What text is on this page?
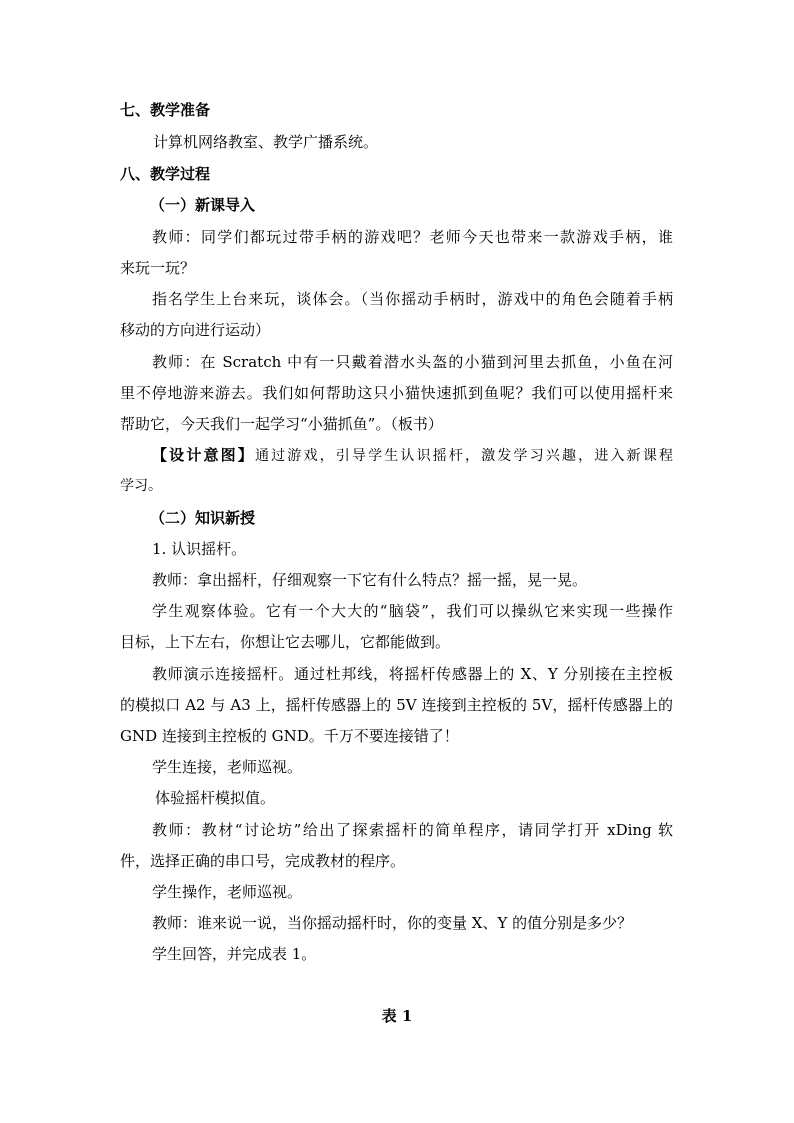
七、教学准备
计算机网络教室、教学广播系统。
八、教学过程
（一）新课导入
教师：同学们都玩过带手柄的游戏吧？老师今天也带来一款游戏手柄，谁
来玩一玩？
指名学生上台来玩，谈体会。（当你摇动手柄时，游戏中的角色会随着手柄
移动的方向进行运动）
教师：在 Scratch 中有一只戴着潜水头盔的小猫到河里去抓鱼，小鱼在河
里不停地游来游去。我们如何帮助这只小猫快速抓到鱼呢？我们可以使用摇杆来
帮助它，今天我们一起学习“小猫抓鱼”。（板书）
【设计意图】通过游戏，引导学生认识摇杆，激发学习兴趣，进入新课程
学习。
（二）知识新授
1. 认识摇杆。
教师：拿出摇杆，仔细观察一下它有什么特点？摇一摇，晃一晃。
学生观察体验。它有一个大大的“脑袋”，我们可以操纵它来实现一些操作
目标，上下左右，你想让它去哪儿，它都能做到。
教师演示连接摇杆。通过杜邦线，将摇杆传感器上的 X、Y 分别接在主控板
的模拟口 A2 与 A3 上，摇杆传感器上的 5V 连接到主控板的 5V，摇杆传感器上的
GND 连接到主控板的 GND。千万不要连接错了！
学生连接，老师巡视。
体验摇杆模拟值。
教师：教材“讨论坊”给出了探索摇杆的简单程序，请同学打开 xDing 软
件，选择正确的串口号，完成教材的程序。
学生操作，老师巡视。
教师：谁来说一说，当你摇动摇杆时，你的变量 X、Y 的值分别是多少？
学生回答，并完成表 1。
表 1
